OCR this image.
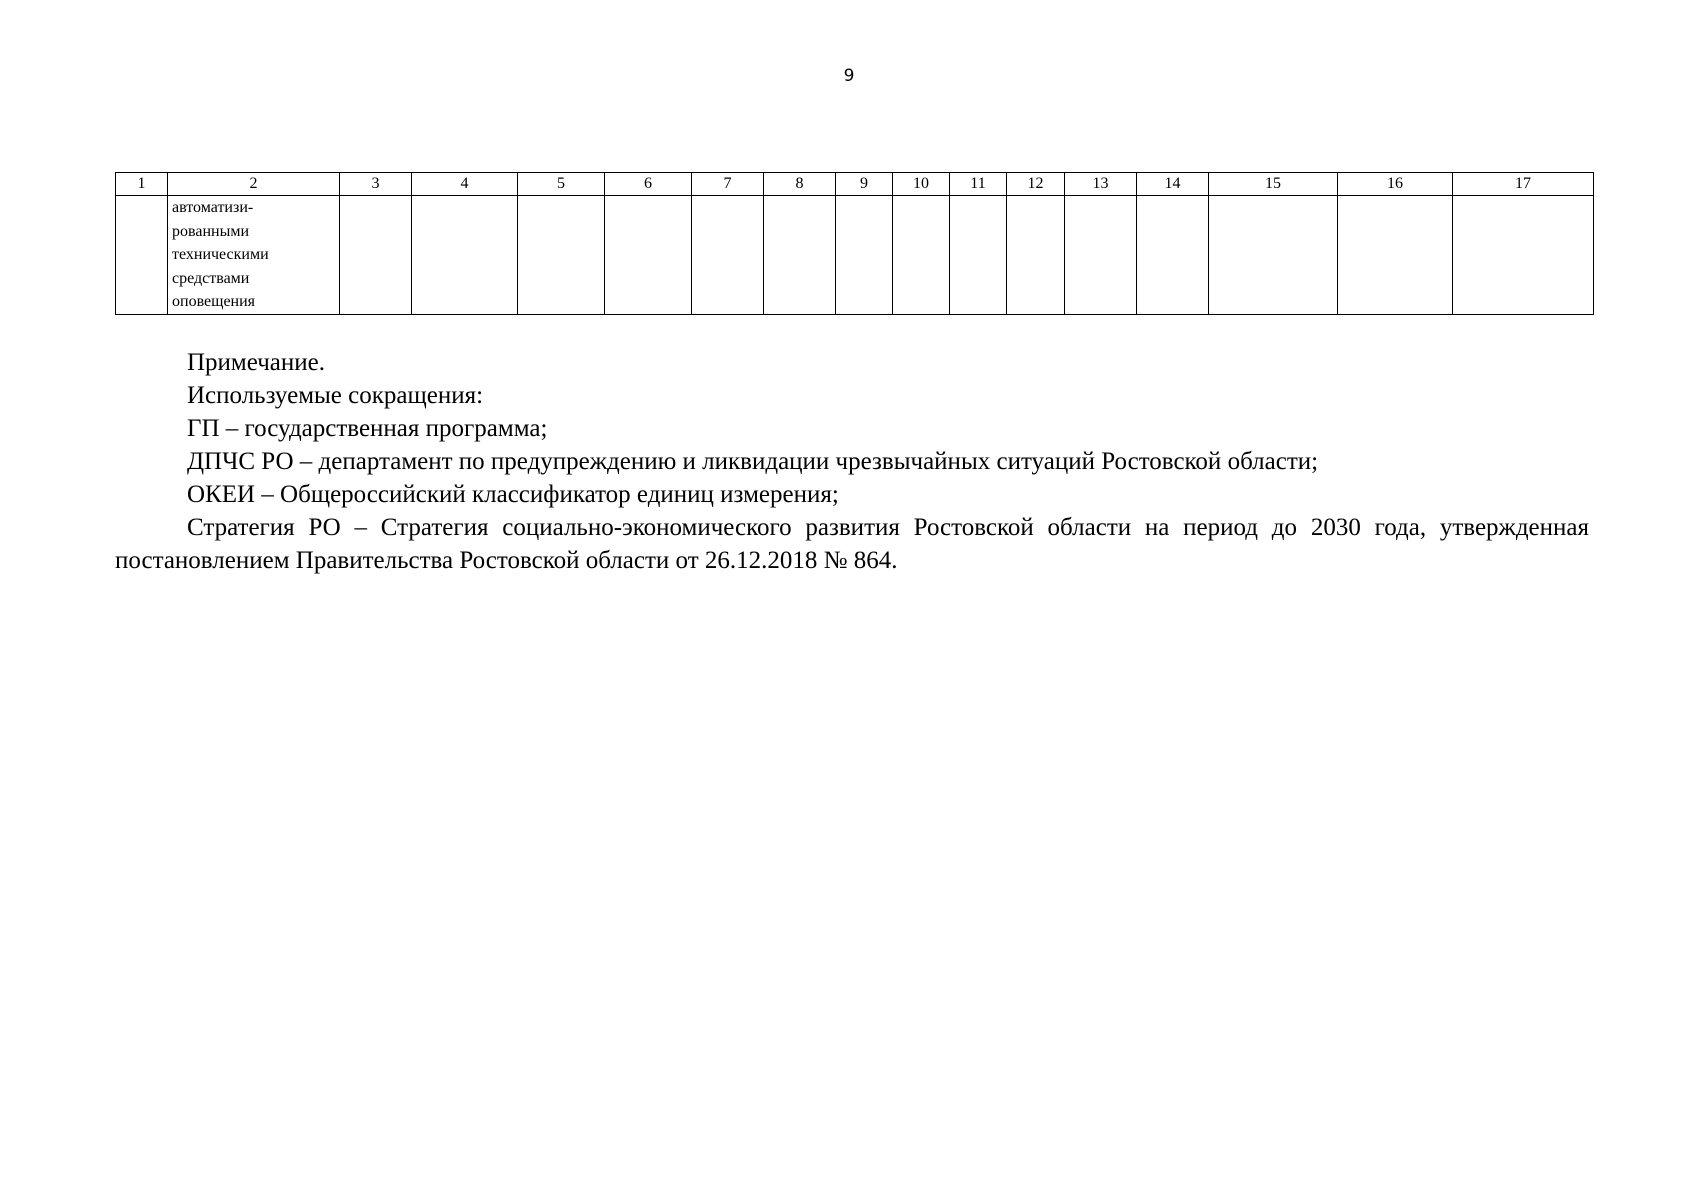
9
1	2	3	4	5	6	7	8	9	10	11	12	13	14	15	16	17

	автоматизи-
рованными
техническими
средствами
оповещения															

Примечание.

Используемые сокращения:

ГП – государственная программа;

ДПЧС РО – департамент по предупреждению и ликвидации чрезвычайных ситуаций Ростовской области;

ОКЕИ – Общероссийский классификатор единиц измерения;

Стратегия РО – Стратегия социально-экономического развития Ростовской области на период до 2030 года, утвержденная постановлением Правительства Ростовской области от 26.12.2018 № 864.
